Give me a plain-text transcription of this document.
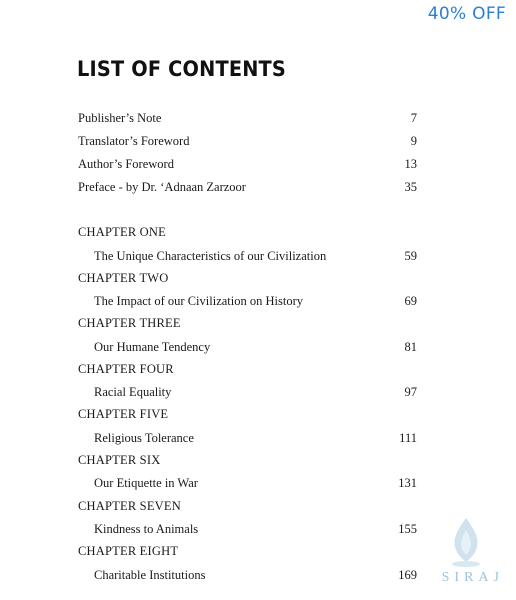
40% OFF
LIST OF CONTENTS
Publisher’s Note	7
Translator’s Foreword	9
Author’s Foreword	13
Preface - by Dr. ‘Adnaan Zarzoor	35
CHAPTER ONE
The Unique Characteristics of our Civilization	59
CHAPTER TWO
The Impact of our Civilization on History	69
CHAPTER THREE
Our Humane Tendency	81
CHAPTER FOUR
Racial Equality	97
CHAPTER FIVE
Religious Tolerance	111
CHAPTER SIX
Our Etiquette in War	131
CHAPTER SEVEN
Kindness to Animals	155
CHAPTER EIGHT
Charitable Institutions	169 SIRAJ
